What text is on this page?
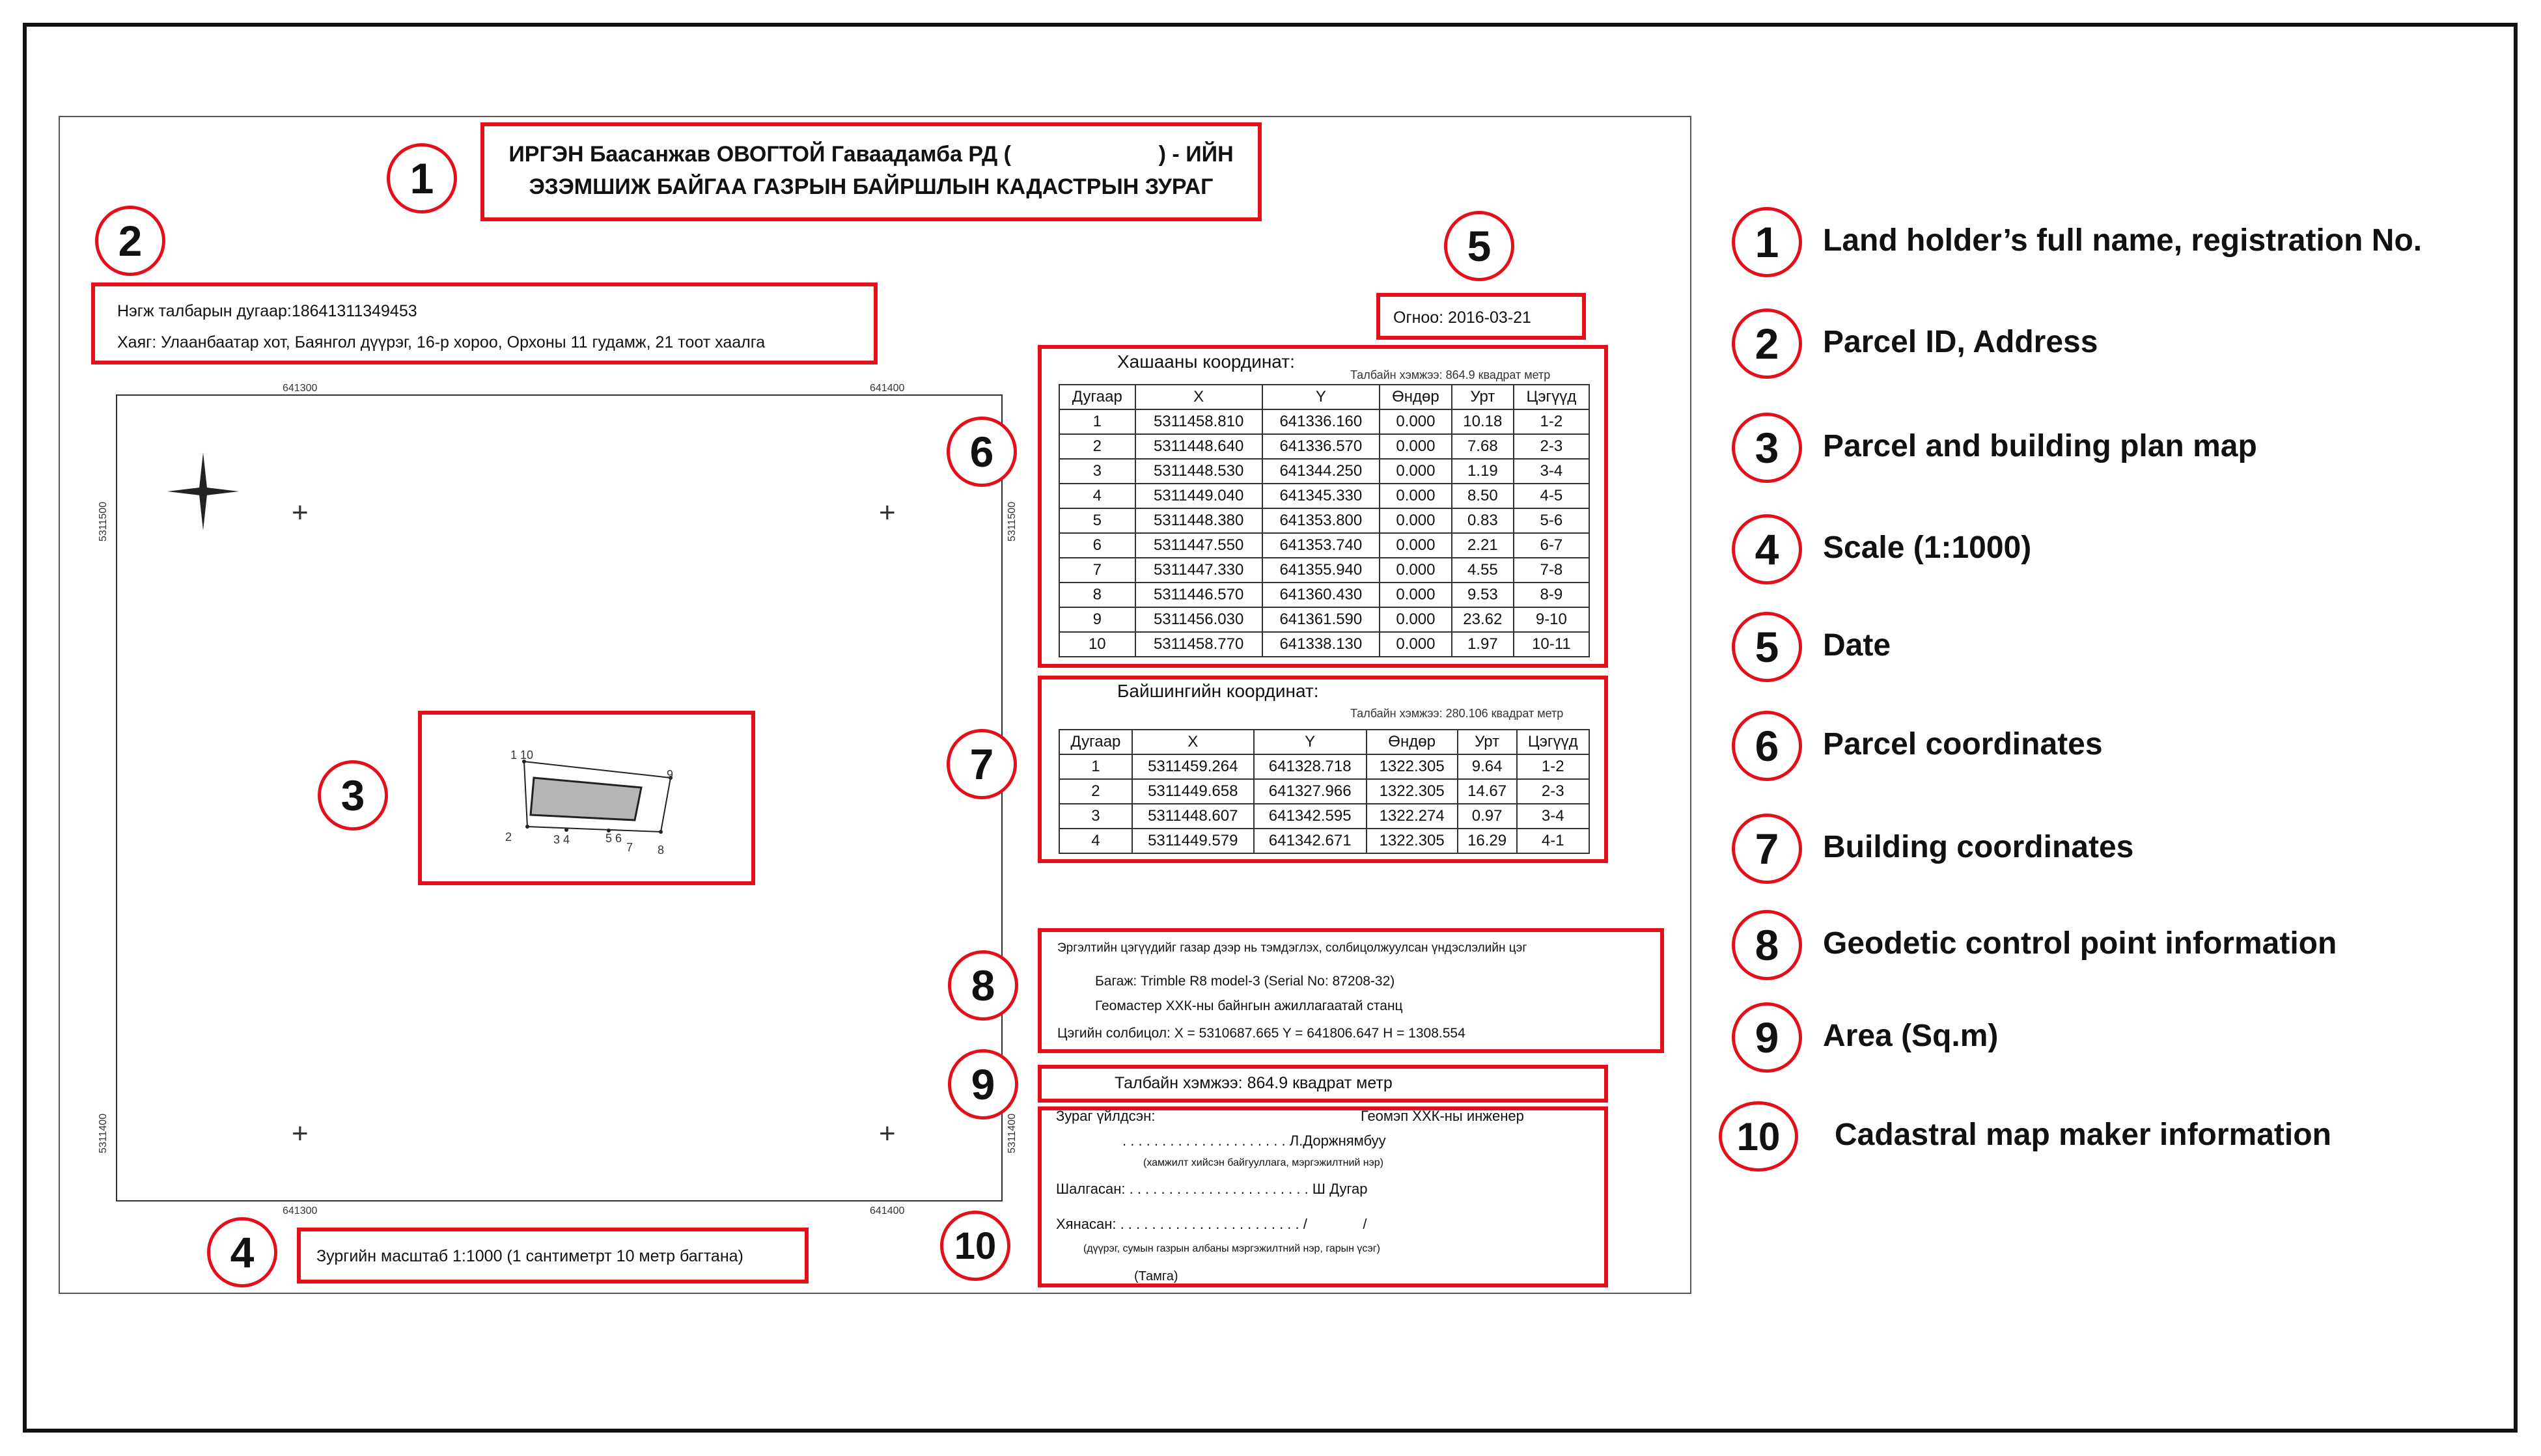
ИРГЭН Баасанжав ОВОГТОЙ Гаваадамба РД (                        ) - ИЙН
ЭЗЭМШИЖ БАЙГАА ГАЗРЫН БАЙРШЛЫН КАДАСТРЫН ЗУРАГ
1
2
Нэгж талбарын дугаар:18641311349453
Хаяг: Улаанбаатар хот, Баянгол дүүрэг, 16-р хороо, Орхоны 11 гудамж, 21 тоот хаалга
641300	641400
641300	641400
5311500
5311400
5311500
5311400
+	+
+	+
1 10
9
2	3 4	5 6
7 8
3
4	Зургийн масштаб 1:1000 (1 сантиметрт 10 метр багтана)
5
Огноо: 2016-03-21
6
Хашааны координат:
Талбайн хэмжээ: 864.9 квадрат метр
Дугаар	X	Y	Өндөр	Урт	Цэгүүд
1	5311458.810	641336.160	0.000	10.18	1-2
2	5311448.640	641336.570	0.000	7.68	2-3
3	5311448.530	641344.250	0.000	1.19	3-4
4	5311449.040	641345.330	0.000	8.50	4-5
5	5311448.380	641353.800	0.000	0.83	5-6
6	5311447.550	641353.740	0.000	2.21	6-7
7	5311447.330	641355.940	0.000	4.55	7-8
8	5311446.570	641360.430	0.000	9.53	8-9
9	5311456.030	641361.590	0.000	23.62	9-10
10	5311458.770	641338.130	0.000	1.97	10-11
7
Байшингийн координат:
Талбайн хэмжээ: 280.106 квадрат метр
Дугаар	X	Y	Өндөр	Урт	Цэгүүд
1	5311459.264	641328.718	1322.305	9.64	1-2
2	5311449.658	641327.966	1322.305	14.67	2-3
3	5311448.607	641342.595	1322.274	0.97	3-4
4	5311449.579	641342.671	1322.305	16.29	4-1
8
Эргэлтийн цэгүүдийг газар дээр нь тэмдэглэх, солбицолжуулсан үндэслэлийн цэг
Багаж: Trimble R8 model-3 (Serial No: 87208-32)
Геомастер ХХК-ны байнгын ажиллагаатай станц
Цэгийн солбицол: X = 5310687.665 Y = 641806.647 H = 1308.554
9	Талбайн хэмжээ: 864.9 квадрат метр
10
Зураг үйлдсэн:	Геомэп ХХК-ны инженер
. . . . . . . . . . . . . . . . . . . . . Л.Доржнямбуу
(хамжилт хийсэн байгууллага, мэргэжилтний нэр)
Шалгасан: . . . . . . . . . . . . . . . . . . . . . . . Ш Дугар
Хянасан: . . . . . . . . . . . . . . . . . . . . . . . /              /
(дүүрэг, сумын газрын албаны мэргэжилтний нэр, гарын үсэг)
(Тамга)
1	Land holder’s full name, registration No.
2	Parcel ID, Address
3	Parcel and building plan map
4	Scale (1:1000)
5	Date
6	Parcel coordinates
7	Building coordinates
8	Geodetic control point information
9	Area (Sq.m)
10	Cadastral map maker information
